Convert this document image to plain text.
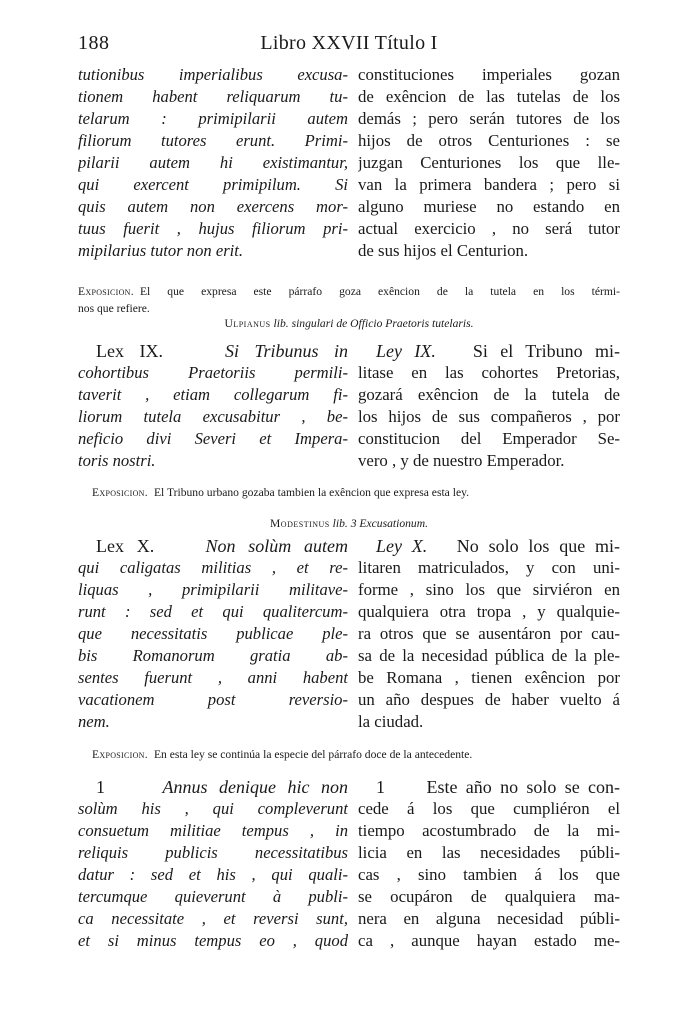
188	Libro XXVII Título I
tutionibus imperialibus excusa-
tionem habent reliquarum tu-
telarum : primipilarii autem
filiorum tutores erunt. Primi-
pilarii autem hi existimantur,
qui exercent primipilum. Si
quis autem non exercens mor-
tuus fuerit , hujus filiorum pri-
mipilarius tutor non erit.
constituciones imperiales gozan
de exêncion de las tutelas de los
demás ; pero serán tutores de los
hijos de otros Centuriones : se
juzgan Centuriones los que lle-
van la primera bandera ; pero si
alguno muriese no estando en
actual exercicio , no será tutor
de sus hijos el Centurion.
Exposicion. El que expresa este párrafo goza exêncion de la tutela en los térmi-
nos que refiere.
Ulpianus lib. singulari de Officio Praetoris tutelaris.
Lex IX.	Si Tribunus in
cohortibus Praetoriis permili-
taverit , etiam collegarum fi-
liorum tutela excusabitur , be-
neficio divi Severi et Impera-
toris nostri.
Ley IX. Si el Tribuno mi-
litase en las cohortes Pretorias,
gozará exêncion de la tutela de
los hijos de sus compañeros , por
constitucion del Emperador Se-
vero , y de nuestro Emperador.
Exposicion. El Tribuno urbano gozaba tambien la exêncion que expresa esta ley.
Modestinus lib. 3 Excusationum.
Lex X.	Non solùm autem
qui caligatas militias , et re-
liquas , primipilarii militave-
runt : sed et qui qualitercum-
que necessitatis publicae ple-
bis Romanorum gratia ab-
sentes fuerunt , anni habent
vacationem post reversio-
nem.
Ley X. No solo los que mi-
litaren matriculados, y con uni-
forme , sino los que sirviéron en
qualquiera otra tropa , y qualquie-
ra otros que se ausentáron por cau-
sa de la necesidad pública de la ple-
be Romana , tienen exêncion por
un año despues de haber vuelto á
la ciudad.
Exposicion. En esta ley se continúa la especie del párrafo doce de la antecedente.
1	Annus denique hic non
solùm his , qui compleverunt
consuetum militiae tempus , in
reliquis publicis necessitatibus
datur : sed et his , qui quali-
tercumque quieverunt à publi-
ca necessitate , et reversi sunt,
et si minus tempus eo , quod
1 Este año no solo se con-
cede á los que cumpliéron el
tiempo acostumbrado de la mi-
licia en las necesidades públi-
cas , sino tambien á los que
se ocupáron de qualquiera ma-
nera en alguna necesidad públi-
ca , aunque hayan estado me-
